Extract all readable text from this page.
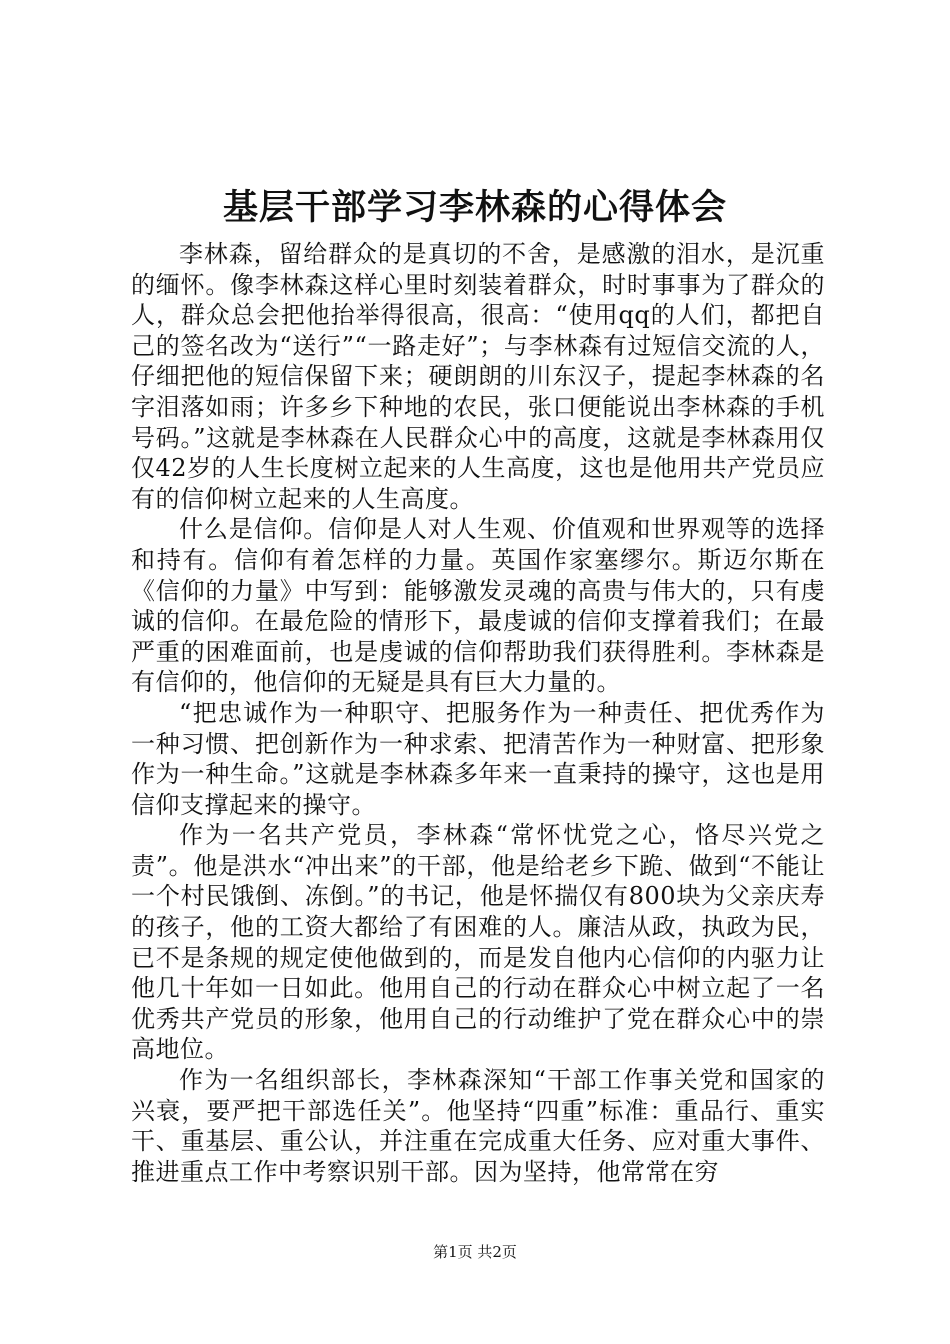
基层干部学习李林森的心得体会

李林森，留给群众的是真切的不舍，是感激的泪水，是沉重的缅怀。像李林森这样心里时刻装着群众，时时事事为了群众的人，群众总会把他抬举得很高，很高：“使用qq的人们，都把自己的签名改为“送行”“一路走好”；与李林森有过短信交流的人，仔细把他的短信保留下来；硬朗朗的川东汉子，提起李林森的名字泪落如雨；许多乡下种地的农民，张口便能说出李林森的手机号码。”这就是李林森在人民群众心中的高度，这就是李林森用仅仅42岁的人生长度树立起来的人生高度，这也是他用共产党员应有的信仰树立起来的人生高度。

什么是信仰。信仰是人对人生观、价值观和世界观等的选择和持有。信仰有着怎样的力量。英国作家塞缪尔。斯迈尔斯在《信仰的力量》中写到：能够激发灵魂的高贵与伟大的，只有虔诚的信仰。在最危险的情形下，最虔诚的信仰支撑着我们；在最严重的困难面前，也是虔诚的信仰帮助我们获得胜利。李林森是有信仰的，他信仰的无疑是具有巨大力量的。

“把忠诚作为一种职守、把服务作为一种责任、把优秀作为一种习惯、把创新作为一种求索、把清苦作为一种财富、把形象作为一种生命。”这就是李林森多年来一直秉持的操守，这也是用信仰支撑起来的操守。

作为一名共产党员，李林森“常怀忧党之心，恪尽兴党之责”。他是洪水“冲出来”的干部，他是给老乡下跪、做到“不能让一个村民饿倒、冻倒。”的书记，他是怀揣仅有800块为父亲庆寿的孩子，他的工资大都给了有困难的人。廉洁从政，执政为民，已不是条规的规定使他做到的，而是发自他内心信仰的内驱力让他几十年如一日如此。他用自己的行动在群众心中树立起了一名优秀共产党员的形象，他用自己的行动维护了党在群众心中的崇高地位。

作为一名组织部长，李林森深知“干部工作事关党和国家的兴衰，要严把干部选任关”。他坚持“四重”标准：重品行、重实干、重基层、重公认，并注重在完成重大任务、应对重大事件、推进重点工作中考察识别干部。因为坚持，他常常在穷

第1页 共2页
